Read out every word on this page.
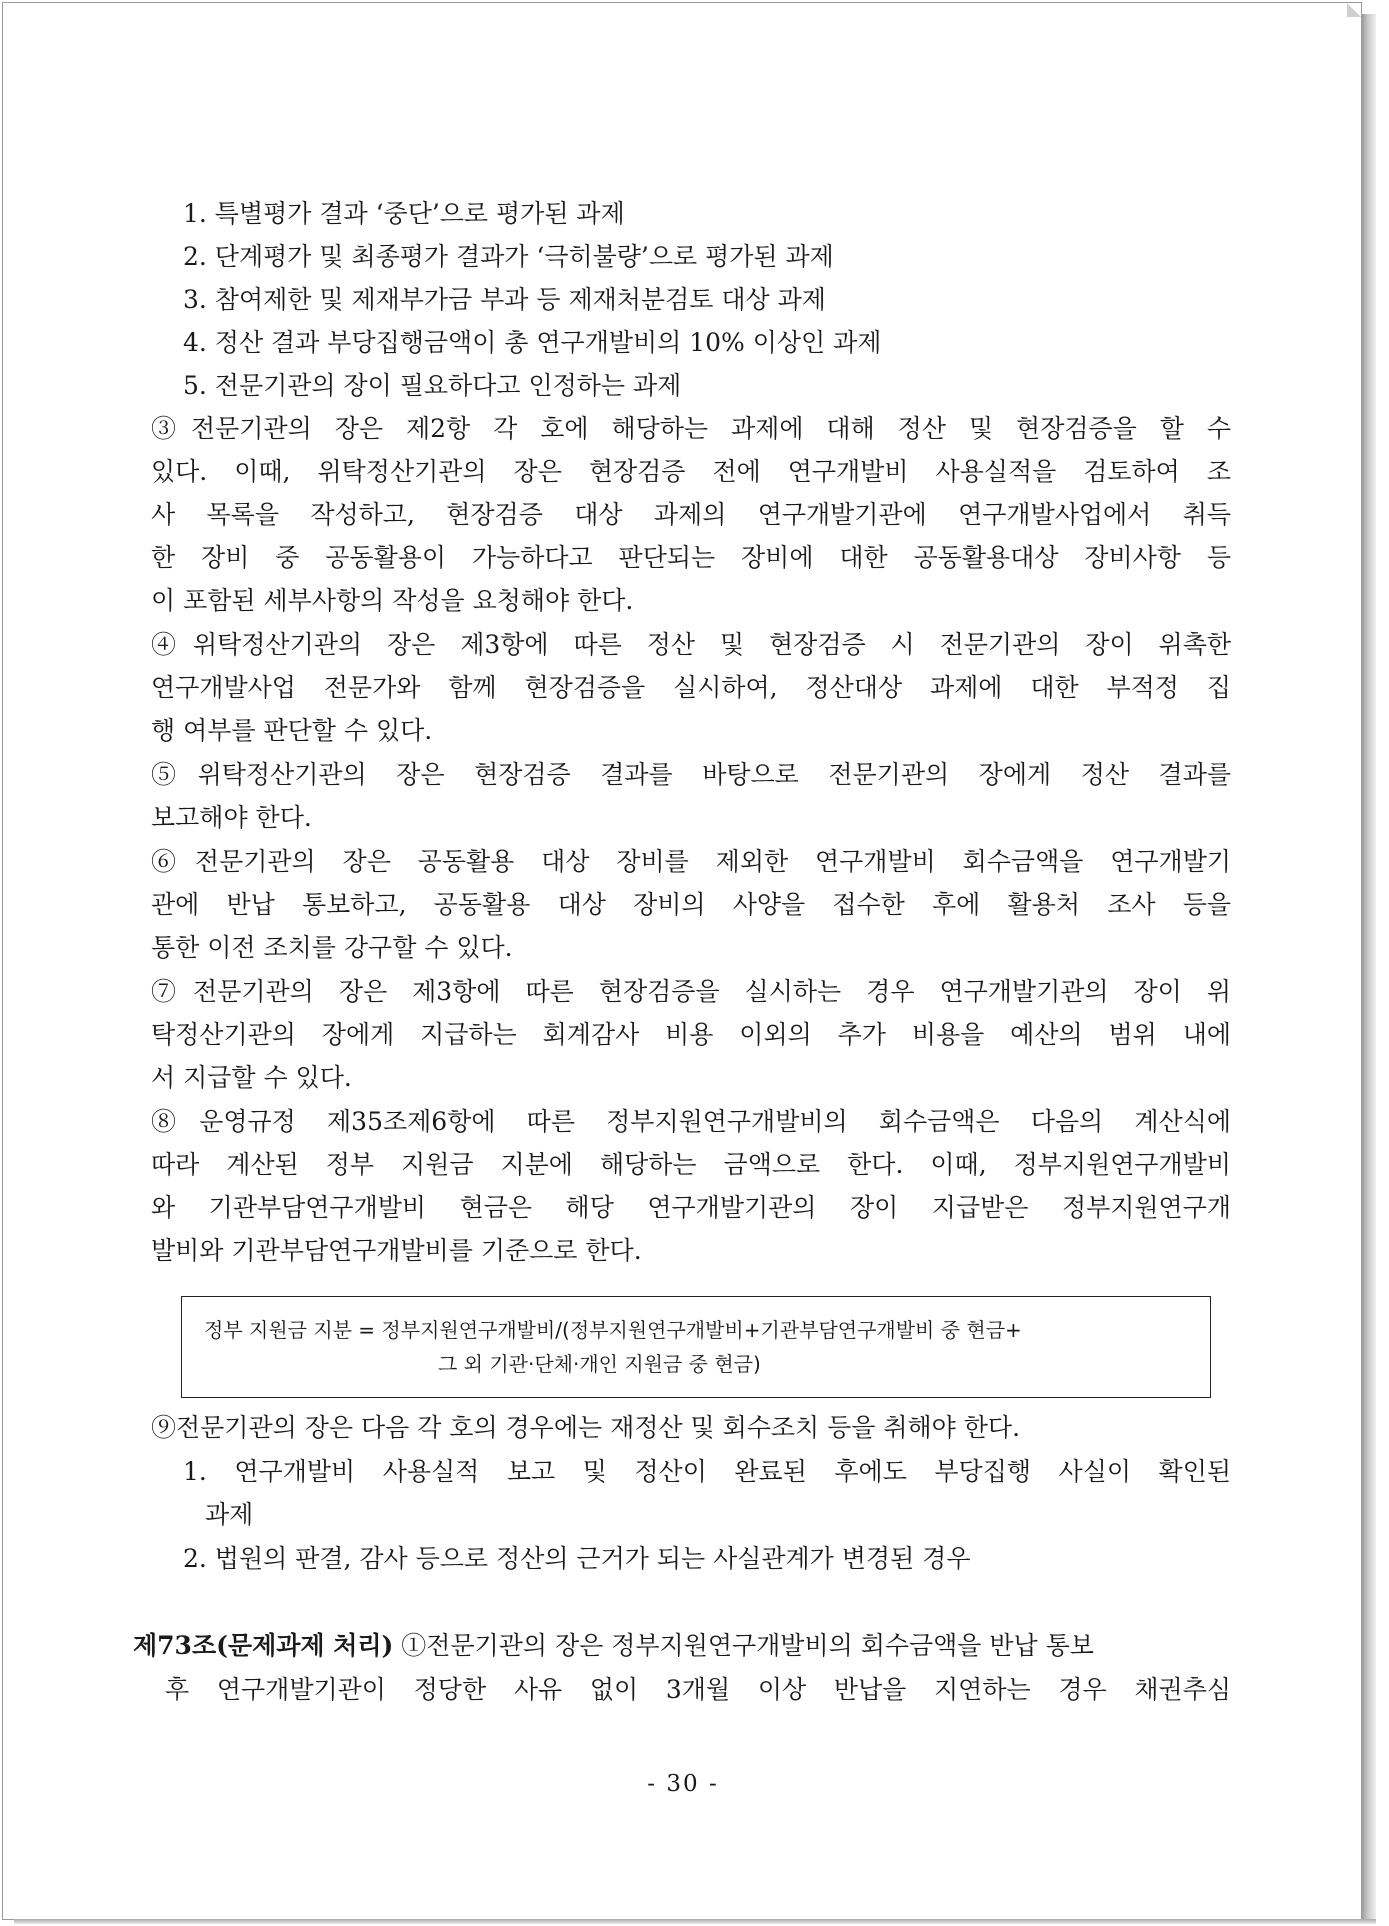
1. 특별평가 결과 ‘중단’으로 평가된 과제
2. 단계평가 및 최종평가 결과가 ‘극히불량’으로 평가된 과제
3. 참여제한 및 제재부가금 부과 등 제재처분검토 대상 과제
4. 정산 결과 부당집행금액이 총 연구개발비의 10% 이상인 과제
5. 전문기관의 장이 필요하다고 인정하는 과제
③전문기관의 장은 제2항 각 호에 해당하는 과제에 대해 정산 및 현장검증을 할 수
있다. 이때, 위탁정산기관의 장은 현장검증 전에 연구개발비 사용실적을 검토하여 조
사 목록을 작성하고, 현장검증 대상 과제의 연구개발기관에 연구개발사업에서 취득
한 장비 중 공동활용이 가능하다고 판단되는 장비에 대한 공동활용대상 장비사항 등
이 포함된 세부사항의 작성을 요청해야 한다.
④위탁정산기관의 장은 제3항에 따른 정산 및 현장검증 시 전문기관의 장이 위촉한
연구개발사업 전문가와 함께 현장검증을 실시하여, 정산대상 과제에 대한 부적정 집
행 여부를 판단할 수 있다.
⑤위탁정산기관의 장은 현장검증 결과를 바탕으로 전문기관의 장에게 정산 결과를
보고해야 한다.
⑥전문기관의 장은 공동활용 대상 장비를 제외한 연구개발비 회수금액을 연구개발기
관에 반납 통보하고, 공동활용 대상 장비의 사양을 접수한 후에 활용처 조사 등을
통한 이전 조치를 강구할 수 있다.
⑦전문기관의 장은 제3항에 따른 현장검증을 실시하는 경우 연구개발기관의 장이 위
탁정산기관의 장에게 지급하는 회계감사 비용 이외의 추가 비용을 예산의 범위 내에
서 지급할 수 있다.
⑧운영규정 제35조제6항에 따른 정부지원연구개발비의 회수금액은 다음의 계산식에
따라 계산된 정부 지원금 지분에 해당하는 금액으로 한다. 이때, 정부지원연구개발비
와 기관부담연구개발비 현금은 해당 연구개발기관의 장이 지급받은 정부지원연구개
발비와 기관부담연구개발비를 기준으로 한다.
정부 지원금 지분 = 정부지원연구개발비/(정부지원연구개발비+기관부담연구개발비 중 현금+
그 외 기관·단체·개인 지원금 중 현금)
⑨전문기관의 장은 다음 각 호의 경우에는 재정산 및 회수조치 등을 취해야 한다.
1. 연구개발비 사용실적 보고 및 정산이 완료된 후에도 부당집행 사실이 확인된
과제
2. 법원의 판결, 감사 등으로 정산의 근거가 되는 사실관계가 변경된 경우
제73조(문제과제 처리) ①전문기관의 장은 정부지원연구개발비의 회수금액을 반납 통보
후 연구개발기관이 정당한 사유 없이 3개월 이상 반납을 지연하는 경우 채권추심
- 30 -
